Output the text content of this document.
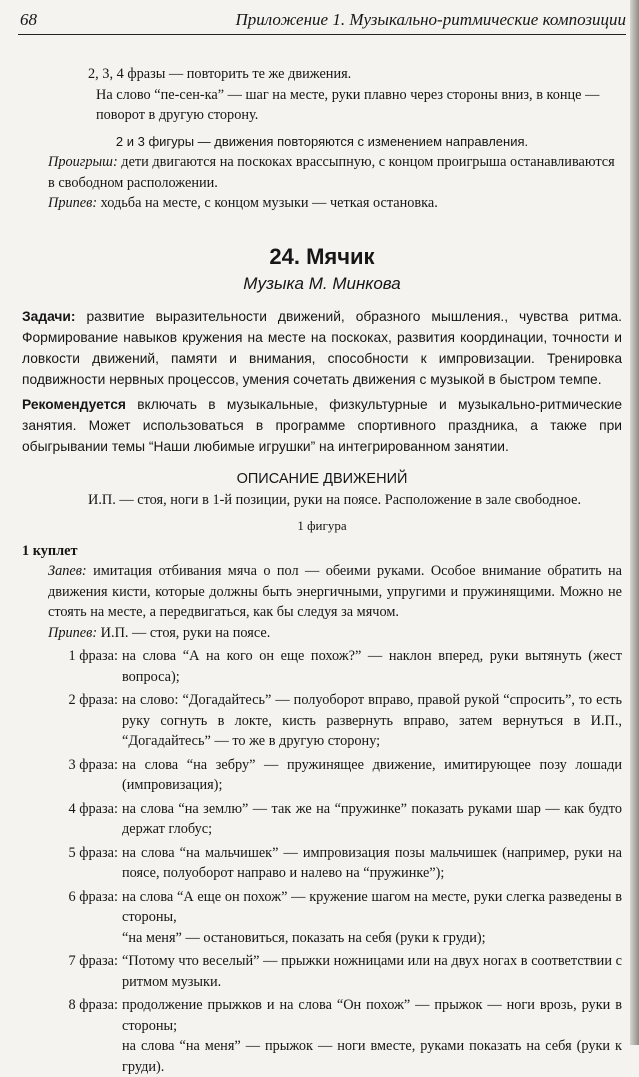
68	Приложение 1. Музыкально-ритмические композиции

2, 3, 4 фразы — повторить те же движения.

На слово “пе-сен-ка” — шаг на месте, руки плавно через стороны вниз, в конце — поворот в другую сторону.

2 и 3 фигуры — движения повторяются с изменением направления.

Проигрыш: дети двигаются на поскоках врассыпную, с концом проигрыша останавливаются в свободном расположении.

Припев: ходьба на месте, с концом музыки — четкая остановка.

24. Мячик
Музыка М. Минкова

Задачи: развитие выразительности движений, образного мышления., чувства ритма. Формирование навыков кружения на месте на поскоках, развития координации, точности и ловкости движений, памяти и внимания, способности к импровизации. Тренировка подвижности нервных процессов, умения сочетать движения с музыкой в быстром темпе.

Рекомендуется включать в музыкальные, физкультурные и музыкально-ритмические занятия. Может использоваться в программе спортивного праздника, а также при обыгрывании темы “Наши любимые игрушки” на интегрированном занятии.

ОПИСАНИЕ ДВИЖЕНИЙ

И.П. — стоя, ноги в 1-й позиции, руки на поясе. Расположение в зале свободное.

1 фигура

1 куплет

Запев: имитация отбивания мяча о пол — обеими руками. Особое внимание обратить на движения кисти, которые должны быть энергичными, упругими и пружинящими. Можно не стоять на месте, а передвигаться, как бы следуя за мячом.

Припев: И.П. — стоя, руки на поясе.

1 фраза: на слова “А на кого он еще похож?” — наклон вперед, руки вытянуть (жест вопроса);
2 фраза: на слово: “Догадайтесь” — полуоборот вправо, правой рукой “спросить”, то есть руку согнуть в локте, кисть развернуть вправо, затем вернуться в И.П., “Догадайтесь” — то же в другую сторону;
3 фраза: на слова “на зебру” — пружинящее движение, имитирующее позу лошади (импровизация);
4 фраза: на слова “на землю” — так же на “пружинке” показать руками шар — как будто держат глобус;
5 фраза: на слова “на мальчишек” — импровизация позы мальчишек (например, руки на поясе, полуоборот направо и налево на “пружинке”);
6 фраза: на слова “А еще он похож” — кружение шагом на месте, руки слегка разведены в стороны,
“на меня” — остановиться, показать на себя (руки к груди);
7 фраза: “Потому что веселый” — прыжки ножницами или на двух ногах в соответствии с ритмом музыки.
8 фраза: продолжение прыжков и на слова “Он похож” — прыжок — ноги врозь, руки в стороны;
на слова “на меня” — прыжок — ноги вместе, руками показать на себя (руки к груди).
